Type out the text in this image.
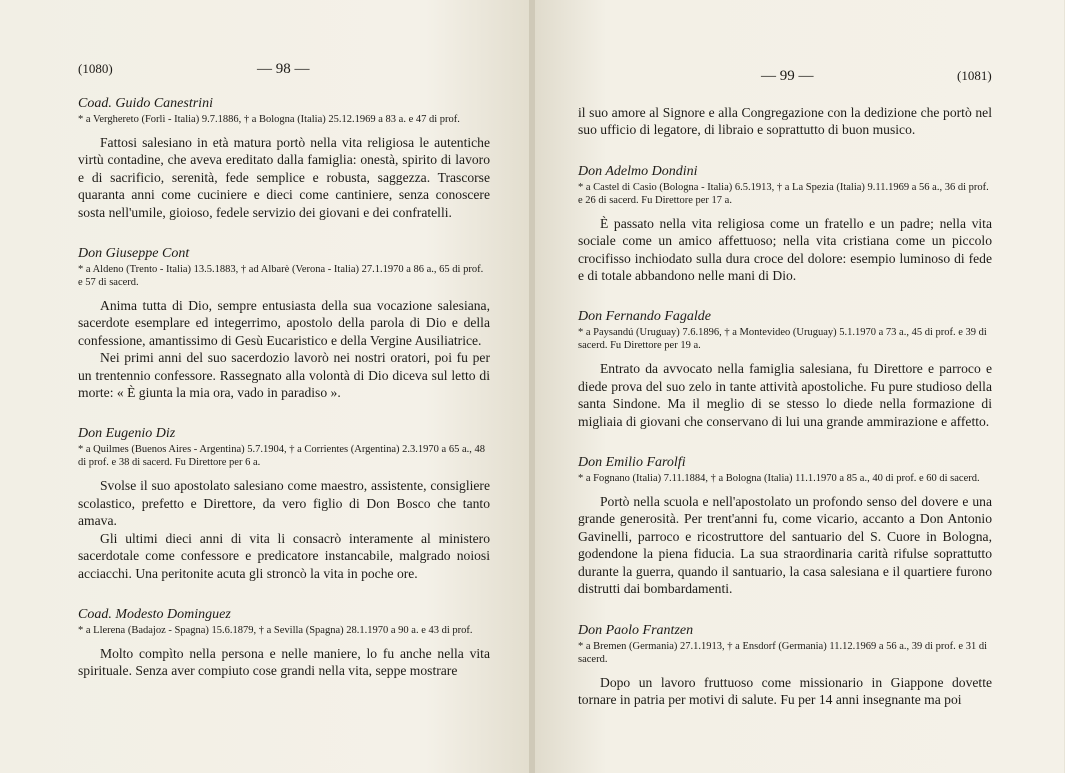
(1080)	— 98 —

Coad. Guido Canestrini

* a Verghereto (Forlì - Italia) 9.7.1886, † a Bologna (Italia) 25.12.1969 a 83 a. e 47 di prof.

Fattosi salesiano in età matura portò nella vita religiosa le autentiche virtù contadine, che aveva ereditato dalla famiglia: onestà, spirito di lavoro e di sacrificio, serenità, fede semplice e robusta, saggezza. Trascorse quaranta anni come cuciniere e dieci come cantiniere, senza conoscere sosta nell'umile, gioioso, fedele servizio dei giovani e dei confratelli.

Don Giuseppe Cont

* a Aldeno (Trento - Italia) 13.5.1883, † ad Albarè (Verona - Italia) 27.1.1970 a 86 a., 65 di prof. e 57 di sacerd.

Anima tutta di Dio, sempre entusiasta della sua vocazione salesiana, sacerdote esemplare ed integerrimo, apostolo della parola di Dio e della confessione, amantissimo di Gesù Eucaristico e della Vergine Ausiliatrice.

Nei primi anni del suo sacerdozio lavorò nei nostri oratori, poi fu per un trentennio confessore. Rassegnato alla volontà di Dio diceva sul letto di morte: « È giunta la mia ora, vado in paradiso ».

Don Eugenio Diz

* a Quilmes (Buenos Aires - Argentina) 5.7.1904, † a Corrientes (Argentina) 2.3.1970 a 65 a., 48 di prof. e 38 di sacerd. Fu Direttore per 6 a.

Svolse il suo apostolato salesiano come maestro, assistente, consigliere scolastico, prefetto e Direttore, da vero figlio di Don Bosco che tanto amava.

Gli ultimi dieci anni di vita li consacrò interamente al ministero sacerdotale come confessore e predicatore instancabile, malgrado noiosi acciacchi. Una peritonite acuta gli stroncò la vita in poche ore.

Coad. Modesto Dominguez

* a Llerena (Badajoz - Spagna) 15.6.1879, † a Sevilla (Spagna) 28.1.1970 a 90 a. e 43 di prof.

Molto compìto nella persona e nelle maniere, lo fu anche nella vita spirituale. Senza aver compiuto cose grandi nella vita, seppe mostrare

— 99 —	(1081)

il suo amore al Signore e alla Congregazione con la dedizione che portò nel suo ufficio di legatore, di libraio e soprattutto di buon musico.

Don Adelmo Dondini

* a Castel di Casio (Bologna - Italia) 6.5.1913, † a La Spezia (Italia) 9.11.1969 a 56 a., 36 di prof. e 26 di sacerd. Fu Direttore per 17 a.

È passato nella vita religiosa come un fratello e un padre; nella vita sociale come un amico affettuoso; nella vita cristiana come un piccolo crocifisso inchiodato sulla dura croce del dolore: esempio luminoso di fede e di totale abbandono nelle mani di Dio.

Don Fernando Fagalde

* a Paysandú (Uruguay) 7.6.1896, † a Montevideo (Uruguay) 5.1.1970 a 73 a., 45 di prof. e 39 di sacerd. Fu Direttore per 19 a.

Entrato da avvocato nella famiglia salesiana, fu Direttore e parroco e diede prova del suo zelo in tante attività apostoliche. Fu pure studioso della santa Sindone. Ma il meglio di se stesso lo diede nella formazione di migliaia di giovani che conservano di lui una grande ammirazione e affetto.

Don Emilio Farolfi

* a Fognano (Italia) 7.11.1884, † a Bologna (Italia) 11.1.1970 a 85 a., 40 di prof. e 60 di sacerd.

Portò nella scuola e nell'apostolato un profondo senso del dovere e una grande generosità. Per trent'anni fu, come vicario, accanto a Don Antonio Gavinelli, parroco e ricostruttore del santuario del S. Cuore in Bologna, godendone la piena fiducia. La sua straordinaria carità rifulse soprattutto durante la guerra, quando il santuario, la casa salesiana e il quartiere furono distrutti dai bombardamenti.

Don Paolo Frantzen

* a Bremen (Germania) 27.1.1913, † a Ensdorf (Germania) 11.12.1969 a 56 a., 39 di prof. e 31 di sacerd.

Dopo un lavoro fruttuoso come missionario in Giappone dovette tornare in patria per motivi di salute. Fu per 14 anni insegnante ma poi
